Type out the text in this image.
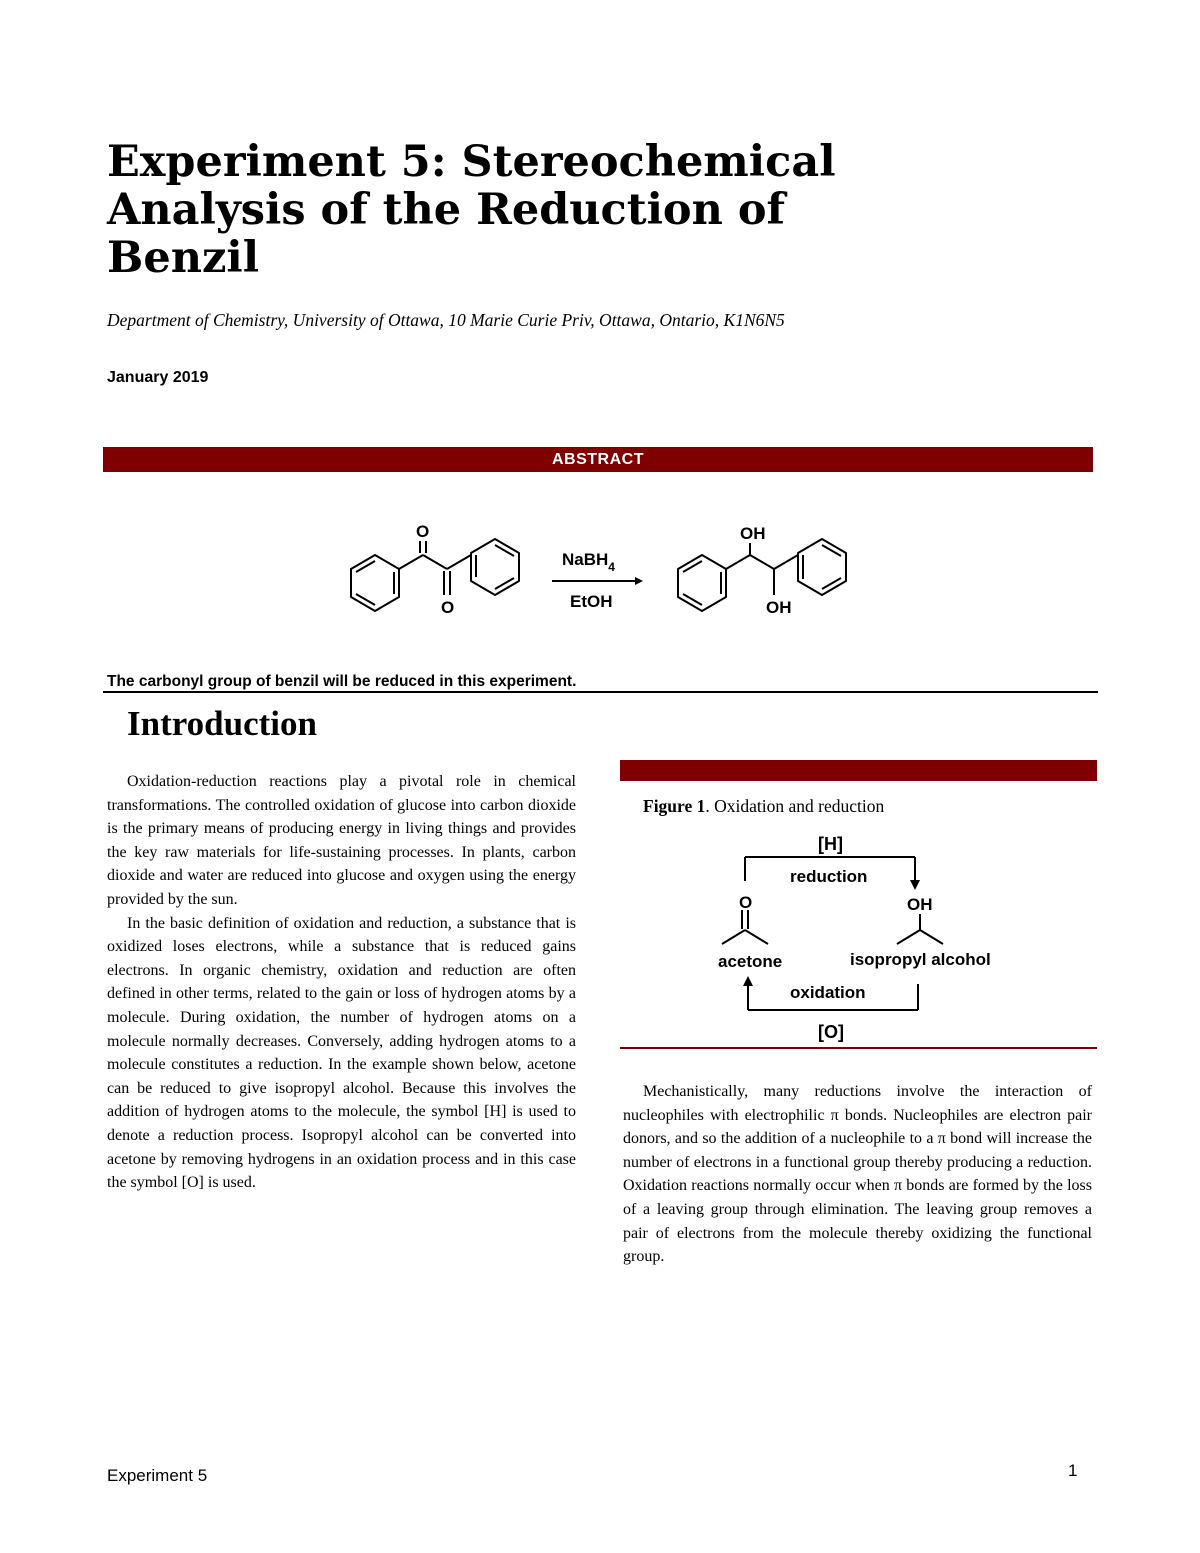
Experiment 5: Stereochemical Analysis of the Reduction of Benzil
Department of Chemistry, University of Ottawa, 10 Marie Curie Priv, Ottawa, Ontario, K1N6N5
January 2019
ABSTRACT
O
O
NaBH$_4$
EtOH
OH
OH
The carbonyl group of benzil will be reduced in this experiment.
Introduction

Oxidation-reduction reactions play a pivotal role in chemical transformations. The controlled oxidation of glucose into carbon dioxide is the primary means of producing energy in living things and provides the key raw materials for life-sustaining processes. In plants, carbon dioxide and water are reduced into glucose and oxygen using the energy provided by the sun.

In the basic definition of oxidation and reduction, a substance that is oxidized loses electrons, while a substance that is reduced gains electrons. In organic chemistry, oxidation and reduction are often defined in other terms, related to the gain or loss of hydrogen atoms by a molecule. During oxidation, the number of hydrogen atoms on a molecule normally decreases. Conversely, adding hydrogen atoms to a molecule constitutes a reduction. In the example shown below, acetone can be reduced to give isopropyl alcohol. Because this involves the addition of hydrogen atoms to the molecule, the symbol [H] is used to denote a reduction process. Isopropyl alcohol can be converted into acetone by removing hydrogens in an oxidation process and in this case the symbol [O] is used.

Figure 1. Oxidation and reduction
[H]
reduction
O	OH
acetone	isopropyl alcohol
oxidation
[O]

Mechanistically, many reductions involve the interaction of nucleophiles with electrophilic π bonds. Nucleophiles are electron pair donors, and so the addition of a nucleophile to a π bond will increase the number of electrons in a functional group thereby producing a reduction. Oxidation reactions normally occur when π bonds are formed by the loss of a leaving group through elimination. The leaving group removes a pair of electrons from the molecule thereby oxidizing the functional group.

Experiment 5	1
